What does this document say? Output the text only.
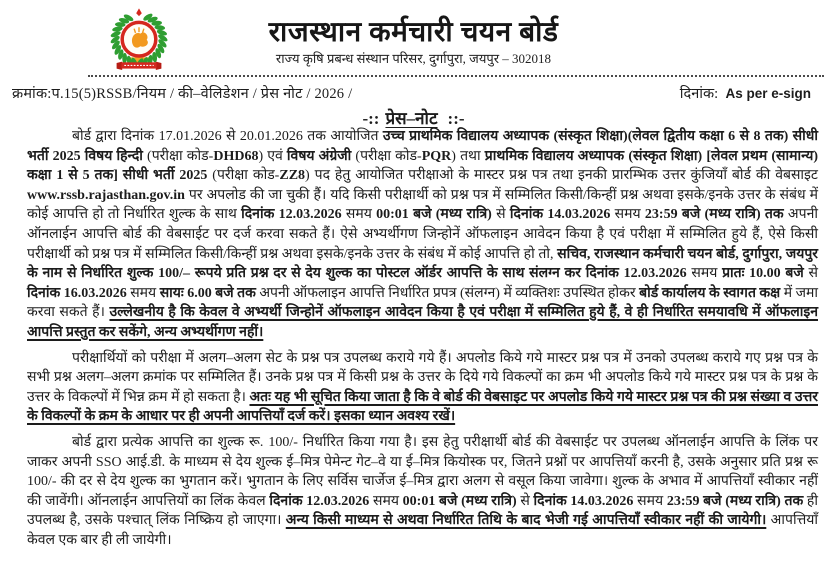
राजस्थान कर्मचारी चयन बोर्ड
राज्य कृषि प्रबन्ध संस्थान परिसर, दुर्गापुरा, जयपुर – 302018
क्रमांक:प.15(5)RSSB/नियम / की–वेलिडेशन / प्रेस नोट / 2026 /	दिनांक: As per e-sign
-:: प्रेस–नोट ::-

बोर्ड द्वारा दिनांक 17.01.2026 से 20.01.2026 तक आयोजित उच्च प्राथमिक विद्यालय अध्यापक (संस्कृत शिक्षा)(लेवल द्वितीय कक्षा 6 से 8 तक) सीधी भर्ती 2025 विषय हिन्दी (परीक्षा कोड-DHD68) एवं विषय अंग्रेजी (परीक्षा कोड-PQR) तथा प्राथमिक विद्यालय अध्यापक (संस्कृत शिक्षा) [लेवल प्रथम (सामान्य) कक्षा 1 से 5 तक] सीधी भर्ती 2025 (परीक्षा कोड-ZZ8) पद हेतु आयोजित परीक्षाओ के मास्टर प्रश्न पत्र तथा इनकी प्रारम्भिक उत्तर कुंजियाँ बोर्ड की वेबसाइट www.rssb.rajasthan.gov.in पर अपलोड की जा चुकी हैं। यदि किसी परीक्षार्थी को प्रश्न पत्र में सम्मिलित किसी/किन्हीं प्रश्न अथवा इसके/इनके उत्तर के संबंध में कोई आपत्ति हो तो निर्धारित शुल्क के साथ दिनांक 12.03.2026 समय 00:01 बजे (मध्य रात्रि) से दिनांक 14.03.2026 समय 23:59 बजे (मध्य रात्रि) तक अपनी ऑनलाईन आपत्ति बोर्ड की वेबसाईट पर दर्ज करवा सकते हैं। ऐसे अभ्यर्थीगण जिन्होनें ऑफलाइन आवेदन किया है एवं परीक्षा में सम्मिलित हुये हैं, ऐसे किसी परीक्षार्थी को प्रश्न पत्र में सम्मिलित किसी/किन्हीं प्रश्न अथवा इसके/इनके उत्तर के संबंध में कोई आपत्ति हो तो, सचिव, राजस्थान कर्मचारी चयन बोर्ड, दुर्गापुरा, जयपुर के नाम से निर्धारित शुल्क 100/– रूपये प्रति प्रश्न दर से देय शुल्क का पोस्टल ऑर्डर आपत्ति के साथ संलग्न कर दिनांक 12.03.2026 समय प्रातः 10.00 बजे से दिनांक 16.03.2026 समय सायः 6.00 बजे तक अपनी ऑफलाइन आपत्ति निर्धारित प्रपत्र (संलग्न) में व्यक्तिशः उपस्थित होकर बोर्ड कार्यालय के स्वागत कक्ष में जमा करवा सकते हैं। उल्लेखनीय है कि केवल वे अभ्यर्थी जिन्होनें ऑफलाइन आवेदन किया है एवं परीक्षा में सम्मिलित हुये हैं, वे ही निर्धारित समयावधि में ऑफलाइन आपत्ति प्रस्तुत कर सकेंगे, अन्य अभ्यर्थीगण नहीं।

परीक्षार्थियों को परीक्षा में अलग–अलग सेट के प्रश्न पत्र उपलब्ध कराये गये हैं। अपलोड किये गये मास्टर प्रश्न पत्र में उनको उपलब्ध कराये गए प्रश्न पत्र के सभी प्रश्न अलग–अलग क्रमांक पर सम्मिलित हैं। उनके प्रश्न पत्र में किसी प्रश्न के उत्तर के दिये गये विकल्पों का क्रम भी अपलोड किये गये मास्टर प्रश्न पत्र के प्रश्न के उत्तर के विकल्पों में भिन्न क्रम में हो सकता है। अतः यह भी सूचित किया जाता है कि वे बोर्ड की वेबसाइट पर अपलोड किये गये मास्टर प्रश्न पत्र की प्रश्न संख्या व उत्तर के विकल्पों के क्रम के आधार पर ही अपनी आपत्तियाँ दर्ज करें। इसका ध्यान अवश्य रखें।

बोर्ड द्वारा प्रत्येक आपत्ति का शुल्क रू. 100/- निर्धारित किया गया है। इस हेतु परीक्षार्थी बोर्ड की वेबसाईट पर उपलब्ध ऑनलाईन आपत्ति के लिंक पर जाकर अपनी SSO आई.डी. के माध्यम से देय शुल्क ई–मित्र पेमेन्ट गेट–वे या ई–मित्र कियोस्क पर, जितने प्रश्नों पर आपत्तियाँ करनी है, उसके अनुसार प्रति प्रश्न रू 100/- की दर से देय शुल्क का भुगतान करें। भुगतान के लिए सर्विस चार्जेज ई–मित्र द्वारा अलग से वसूल किया जावेगा। शुल्क के अभाव में आपत्तियाँ स्वीकार नहीं की जावेंगी। ऑनलाईन आपत्तियों का लिंक केवल दिनांक 12.03.2026 समय 00:01 बजे (मध्य रात्रि) से दिनांक 14.03.2026 समय 23:59 बजे (मध्य रात्रि) तक ही उपलब्ध है, उसके पश्चात् लिंक निष्क्रिय हो जाएगा। अन्य किसी माध्यम से अथवा निर्धारित तिथि के बाद भेजी गई आपत्तियाँ स्वीकार नहीं की जायेगी। आपत्तियाँ केवल एक बार ही ली जायेगी।
